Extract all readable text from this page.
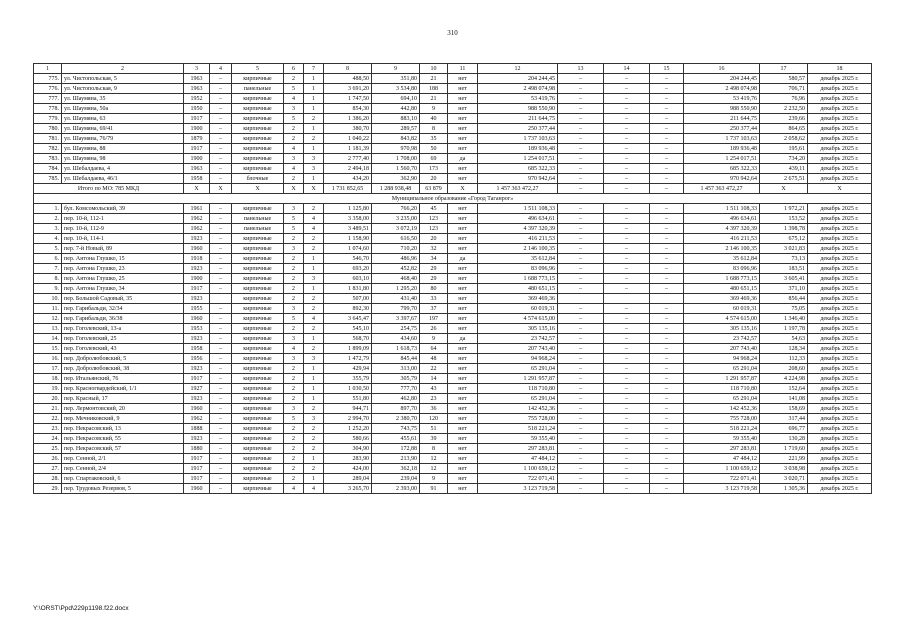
310
1	2	3	4	5	6	7	8	9	10	11	12	13	14	15	16	17	18
775.	ул. Чистопольская, 5	1963	–	кирпичные	2	1	488,50	351,80	21	нет	204 244,45	–	–	–	204 244,45	580,57	декабрь 2025 г.
776.	ул. Чистопольская, 9	1963	–	панельные	5	1	3 691,20	3 534,80	188	нет	2 498 074,98	–	–	–	2 498 074,98	706,71	декабрь 2025 г.
777.	ул. Шаумяна, 35	1952	–	кирпичные	4	1	1 747,50	694,10	21	нет	53 419,76	–	–	–	53 419,76	76,96	декабрь 2025 г.
778.	ул. Шаумяна, 50а	1950	–	кирпичные	3	1	854,30	442,80	9	нет	988 550,90	–	–	–	988 550,90	2 232,50	декабрь 2025 г.
779.	ул. Шаумяна, 63	1917	–	кирпичные	5	2	1 386,20	883,10	40	нет	211 644,75	–	–	–	211 644,75	239,66	декабрь 2025 г.
780.	ул. Шаумяна, 69/41	1900	–	кирпичные	2	1	380,70	289,57	8	нет	250 377,44	–	–	–	250 377,44	864,65	декабрь 2025 г.
781.	ул. Шаумяна, 76/79	1879	–	кирпичные	2	2	1 040,22	843,82	35	нет	1 737 103,63	–	–	–	1 737 103,63	2 058,62	декабрь 2025 г.
782.	ул. Шаумяна, 88	1917	–	кирпичные	4	1	1 181,39	970,98	50	нет	189 936,48	–	–	–	189 936,48	195,61	декабрь 2025 г.
783.	ул. Шаумяна, 98	1900	–	кирпичные	3	3	2 777,40	1 708,00	69	да	1 254 017,51	–	–	–	1 254 017,51	734,20	декабрь 2025 г.
784.	ул. Шебалдаева, 4	1963	–	кирпичные	4	3	2 494,18	1 560,70	173	нет	685 322,33	–	–	–	685 322,33	439,11	декабрь 2025 г.
785.	ул. Шебалдаева, 46/1	1958	–	блочные	2	1	434,20	362,90	20	нет	970 942,64	–	–	–	970 942,64	2 675,51	декабрь 2025 г.
Итого по МО: 785 МКД		X	X	X	X	X	1 731 852,65	1 288 938,48	63 879	X	1 457 363 472,27	–	–	–	1 457 363 472,27	X	X
Муниципальное образование «Город Таганрог»																	
1.	бул. Комсомольский, 39	1961	–	кирпичные	3	2	1 125,80	766,20	45	нет	1 511 108,33	–	–	–	1 511 108,33	1 972,21	декабрь 2025 г.
2.	пер. 10-й, 112-1	1962	–	панельные	5	4	3 358,00	3 235,00	123	нет	496 634,61	–	–	–	496 634,61	153,52	декабрь 2025 г.
3.	пер. 10-й, 112-9	1962	–	панельные	5	4	3 489,51	3 072,19	123	нет	4 397 320,39	–	–	–	4 397 320,39	1 398,78	декабрь 2025 г.
4.	пер. 10-й, 114-1	1923	–	кирпичные	2	2	1 158,90	616,50	20	нет	416 211,53	–	–	–	416 211,53	675,12	декабрь 2025 г.
5.	пер. 7-й Новый, 89	1960	–	кирпичные	3	2	1 074,60	710,20	32	нет	2 146 100,35	–	–	–	2 146 100,35	3 021,83	декабрь 2025 г.
6.	пер. Антона Глушко, 15	1918	–	кирпичные	2	1	546,70	486,96	34	да	35 612,84	–	–	–	35 612,84	73,13	декабрь 2025 г.
7.	пер. Антона Глушко, 23	1923	–	кирпичные	2	1	693,20	452,82	29	нет	83 096,96	–	–	–	83 096,96	183,51	декабрь 2025 г.
8.	пер. Антона Глушко, 25	1900	–	кирпичные	2	3	603,10	468,40	29	нет	1 688 773,15	–	–	–	1 688 773,15	3 605,41	декабрь 2025 г.
9.	пер. Антона Глушко, 34	1917	–	кирпичные	2	1	1 831,80	1 295,20	80	нет	480 651,15	–	–	–	480 651,15	371,10	декабрь 2025 г.
10.	пер. Большой Садовый, 35	1923		кирпичные	2	2	507,00	431,40	33	нет	369 469,36				369 469,36	856,44	декабрь 2025 г.
11.	пер. Гарибальди, 32/34	1955	–	кирпичные	3	2	892,30	799,70	37	нет	60 019,31	–	–	–	60 019,31	75,05	декабрь 2025 г.
12.	пер. Гарибальди, 36/38	1960	–	кирпичные	5	4	3 645,47	3 397,67	197	нет	4 574 615,00	–	–	–	4 574 615,00	1 346,40	декабрь 2025 г.
13.	пер. Гоголевский, 13-а	1953	–	кирпичные	2	2	545,10	254,75	26	нет	305 135,16	–	–	–	305 135,16	1 197,78	декабрь 2025 г.
14.	пер. Гоголевский, 25	1923	–	кирпичные	3	1	568,70	434,60	9	да	23 742,57	–	–	–	23 742,57	54,63	декабрь 2025 г.
15.	пер. Гоголевский, 43	1958	–	кирпичные	4	2	1 899,09	1 618,73	64	нет	207 743,40	–	–	–	207 743,40	128,34	декабрь 2025 г.
16.	пер. Добролюбовский, 5	1956	–	кирпичные	3	3	1 472,79	845,44	48	нет	94 968,24	–	–	–	94 968,24	112,33	декабрь 2025 г.
17.	пер. Добролюбовский, 38	1923	–	кирпичные	2	1	429,94	313,00	22	нет	65 291,04	–	–	–	65 291,04	208,60	декабрь 2025 г.
18.	пер. Итальянский, 76	1917	–	кирпичные	2	1	355,79	305,79	14	нет	1 291 957,87	–	–	–	1 291 957,87	4 224,98	декабрь 2025 г.
19.	пер. Красногвардейский, 1/1	1927	–	кирпичные	2	1	1 030,50	777,70	43	нет	118 710,80	–	–	–	118 710,80	152,64	декабрь 2025 г.
20.	пер. Красный, 17	1923	–	кирпичные	2	1	551,80	462,80	23	нет	65 291,04	–	–	–	65 291,04	141,08	декабрь 2025 г.
21.	пер. Лермонтовский, 20	1960	–	кирпичные	3	2	944,71	897,70	36	нет	142 452,36	–	–	–	142 452,36	158,69	декабрь 2025 г.
22.	пер. Мечниковский, 9	1962	–	кирпичные	5	3	2 994,70	2 380,70	120	нет	755 728,00	–	–	–	755 728,00	317,44	декабрь 2025 г.
23.	пер. Некрасовский, 13	1888	–	кирпичные	2	2	1 252,20	743,75	51	нет	518 221,24	–	–	–	518 221,24	696,77	декабрь 2025 г.
24.	пер. Некрасовский, 55	1923	–	кирпичные	2	2	580,66	455,61	39	нет	59 355,40	–	–	–	59 355,40	130,28	декабрь 2025 г.
25.	пер. Некрасовский, 57	1880	–	кирпичные	2	2	304,90	172,88	8	нет	297 283,81	–	–	–	297 283,81	1 719,60	декабрь 2025 г.
26.	пер. Сенной, 2/1	1917	–	кирпичные	2	1	283,90	213,90	12	нет	47 484,12	–	–	–	47 484,12	221,99	декабрь 2025 г.
27.	пер. Сенной, 2/4	1917	–	кирпичные	2	2	424,00	362,18	12	нет	1 100 659,12	–	–	–	1 100 659,12	3 038,98	декабрь 2025 г.
28.	пер. Спартаковский, 6	1917	–	кирпичные	2	1	289,04	239,04	9	нет	722 071,41	–	–	–	722 071,41	3 020,71	декабрь 2025 г.
29.	пер. Трудовых Резервов, 5	1960	–	кирпичные	4	4	3 265,70	2 393,00	91	нет	3 123 719,58	–	–	–	3 123 719,58	1 305,36	декабрь 2025 г.
Y:\ORST\Ppd\229p1198.f22.docx
